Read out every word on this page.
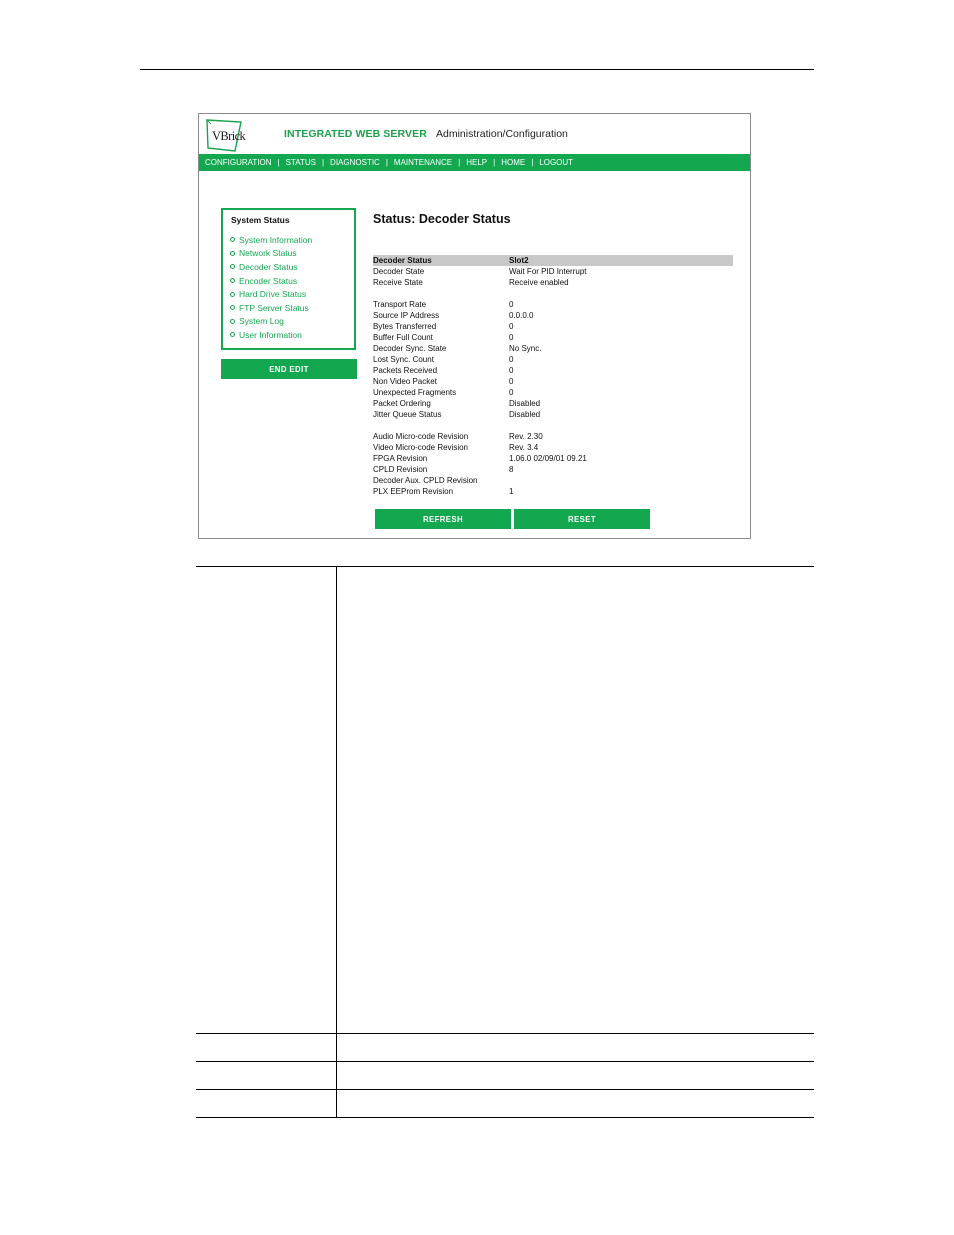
VBrick	INTEGRATED WEB SERVER Administration/Configuration
CONFIGURATION | STATUS | DIAGNOSTIC | MAINTENANCE | HELP | HOME | LOGOUT
System Status
System Information
Network Status
Decoder Status
Encoder Status
Hard Drive Status
FTP Server Status
System Log
User Information
END EDIT
Status: Decoder Status
Decoder Status	Slot2
Decoder State	Wait For PID Interrupt
Receive State	Receive enabled
Transport Rate	0
Source IP Address	0.0.0.0
Bytes Transferred	0
Buffer Full Count	0
Decoder Sync. State	No Sync.
Lost Sync. Count	0
Packets Received	0
Non Video Packet	0
Unexpected Fragments	0
Packet Ordering	Disabled
Jitter Queue Status	Disabled
Audio Micro-code Revision	Rev. 2.30
Video Micro-code Revision	Rev. 3.4
FPGA Revision	1.06.0 02/09/01 09.21
CPLD Revision	8
Decoder Aux. CPLD Revision
PLX EEProm Revision	1
REFRESH	RESET
